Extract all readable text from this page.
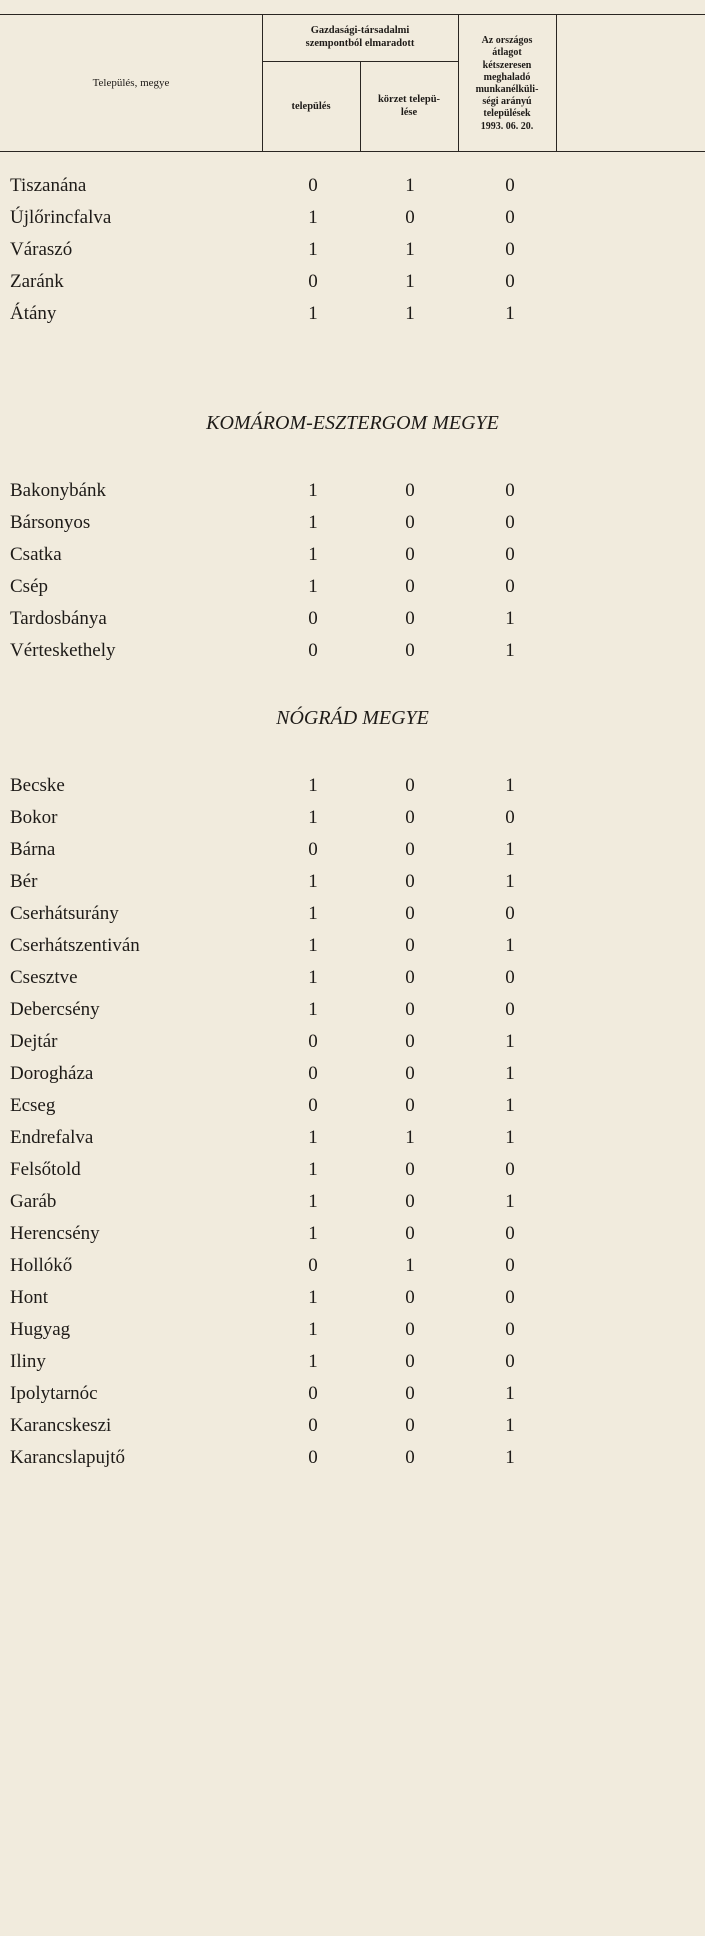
Település, megye
Gazdasági-társadalmi
szempontból elmaradott
település
körzet telepü-
lése
Az országos
átlagot
kétszeresen
meghaladó
munkanélküli-
ségi arányú
települések
1993. 06. 20.
Tiszanána	0	1	0
Újlőrincfalva	1	0	0
Váraszó	1	1	0
Zaránk	0	1	0
Átány	1	1	1
KOMÁROM-ESZTERGOM MEGYE
Bakonybánk	1	0	0
Bársonyos	1	0	0
Csatka	1	0	0
Csép	1	0	0
Tardosbánya	0	0	1
Vérteskethely	0	0	1
NÓGRÁD MEGYE
Becske	1	0	1
Bokor	1	0	0
Bárna	0	0	1
Bér	1	0	1
Cserhátsurány	1	0	0
Cserhátszentiván	1	0	1
Csesztve	1	0	0
Debercsény	1	0	0
Dejtár	0	0	1
Dorogháza	0	0	1
Ecseg	0	0	1
Endrefalva	1	1	1
Felsőtold	1	0	0
Garáb	1	0	1
Herencsény	1	0	0
Hollókő	0	1	0
Hont	1	0	0
Hugyag	1	0	0
Iliny	1	0	0
Ipolytarnóc	0	0	1
Karancskeszi	0	0	1
Karancslapujtő	0	0	1
